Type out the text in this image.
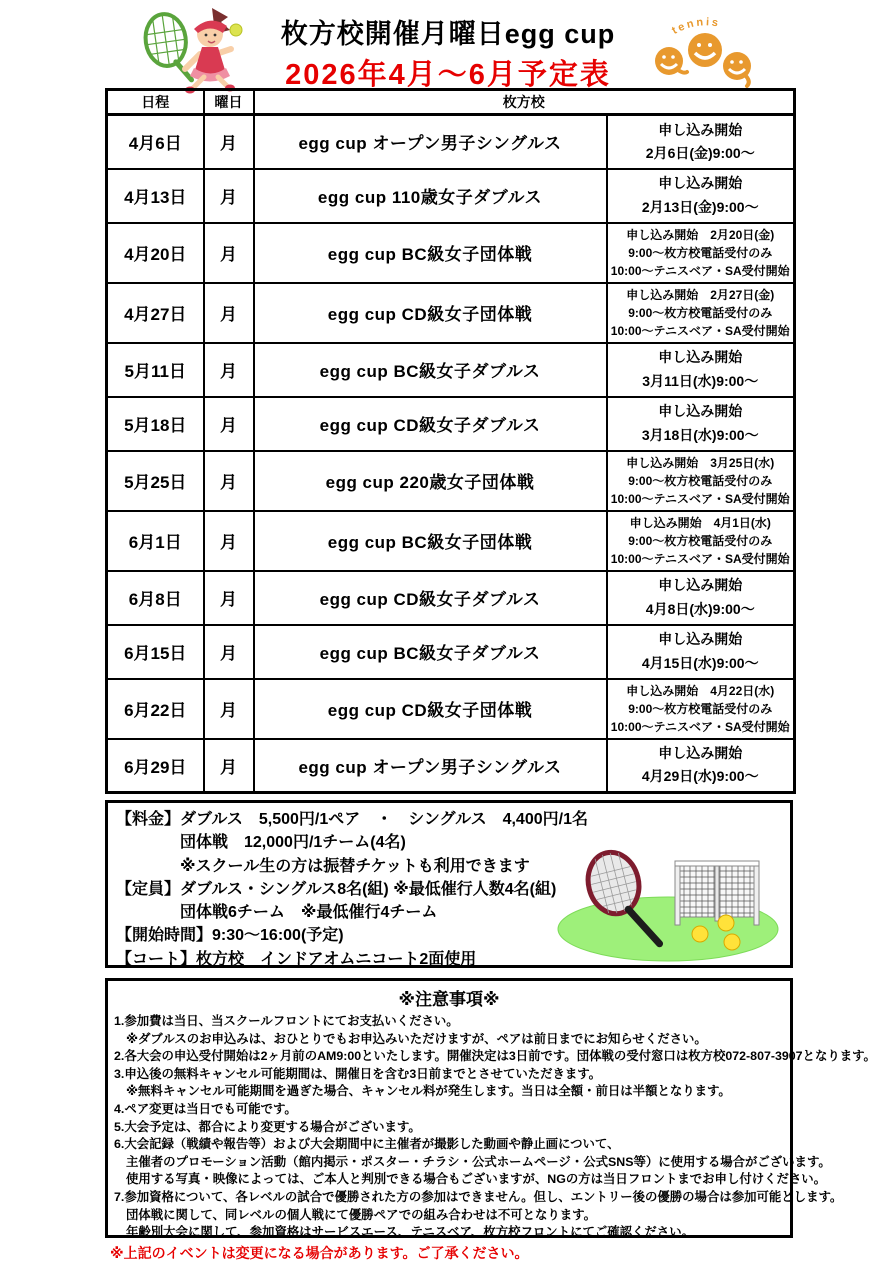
枚方校開催月曜日egg cup
2026年4月～6月予定表
tennis
日程	曜日	枚方校	
4月6日	月	egg cup オープン男子シングルス	申し込み開始
2月6日(金)9:00～

4月13日	月	egg cup 110歳女子ダブルス	申し込み開始
2月13日(金)9:00～

4月20日	月	egg cup BC級女子団体戦	申し込み開始　2月20日(金)
9:00～枚方校電話受付のみ
10:00～テニスベア・SA受付開始

4月27日	月	egg cup CD級女子団体戦	申し込み開始　2月27日(金)
9:00～枚方校電話受付のみ
10:00～テニスベア・SA受付開始

5月11日	月	egg cup BC級女子ダブルス	申し込み開始
3月11日(水)9:00～

5月18日	月	egg cup CD級女子ダブルス	申し込み開始
3月18日(水)9:00～

5月25日	月	egg cup 220歳女子団体戦	申し込み開始　3月25日(水)
9:00～枚方校電話受付のみ
10:00～テニスベア・SA受付開始

6月1日	月	egg cup BC級女子団体戦	申し込み開始　4月1日(水)
9:00～枚方校電話受付のみ
10:00～テニスベア・SA受付開始

6月8日	月	egg cup CD級女子ダブルス	申し込み開始
4月8日(水)9:00～

6月15日	月	egg cup BC級女子ダブルス	申し込み開始
4月15日(水)9:00～

6月22日	月	egg cup CD級女子団体戦	申し込み開始　4月22日(水)
9:00～枚方校電話受付のみ
10:00～テニスベア・SA受付開始

6月29日	月	egg cup オープン男子シングルス	申し込み開始
4月29日(水)9:00～
【料金】ダブルス　5,500円/1ペア　・　シングルス　4,400円/1名
団体戦　12,000円/1チーム(4名)
※スクール生の方は振替チケットも利用できます
【定員】ダブルス・シングルス8名(組) ※最低催行人数4名(組)
団体戦6チーム　※最低催行4チーム
【開始時間】9:30～16:00(予定)
【コート】枚方校　インドアオムニコート2面使用
※注意事項※
1.参加費は当日、当スクールフロントにてお支払いください。
※ダブルスのお申込みは、おひとりでもお申込みいただけますが、ペアは前日までにお知らせください。
2.各大会の申込受付開始は2ヶ月前のAM9:00といたします。開催決定は3日前です。団体戦の受付窓口は枚方校072-807-3907となります。
3.申込後の無料キャンセル可能期間は、開催日を含む3日前までとさせていただきます。
※無料キャンセル可能期間を過ぎた場合、キャンセル料が発生します。当日は全額・前日は半額となります。
4.ペア変更は当日でも可能です。
5.大会予定は、都合により変更する場合がございます。
6.大会記録（戦績や報告等）および大会期間中に主催者が撮影した動画や静止画について、
主催者のプロモーション活動（館内掲示・ポスター・チラシ・公式ホームページ・公式SNS等）に使用する場合がございます。
使用する写真・映像によっては、ご本人と判別できる場合もございますが、NGの方は当日フロントまでお申し付けください。
7.参加資格について、各レベルの試合で優勝された方の参加はできません。但し、エントリー後の優勝の場合は参加可能とします。
団体戦に関して、同レベルの個人戦にて優勝ペアでの組み合わせは不可となります。
年齢別大会に関して、参加資格はサービスエース、テニスベア、枚方校フロントにてご確認ください。
※上記のイベントは変更になる場合があります。ご了承ください。
